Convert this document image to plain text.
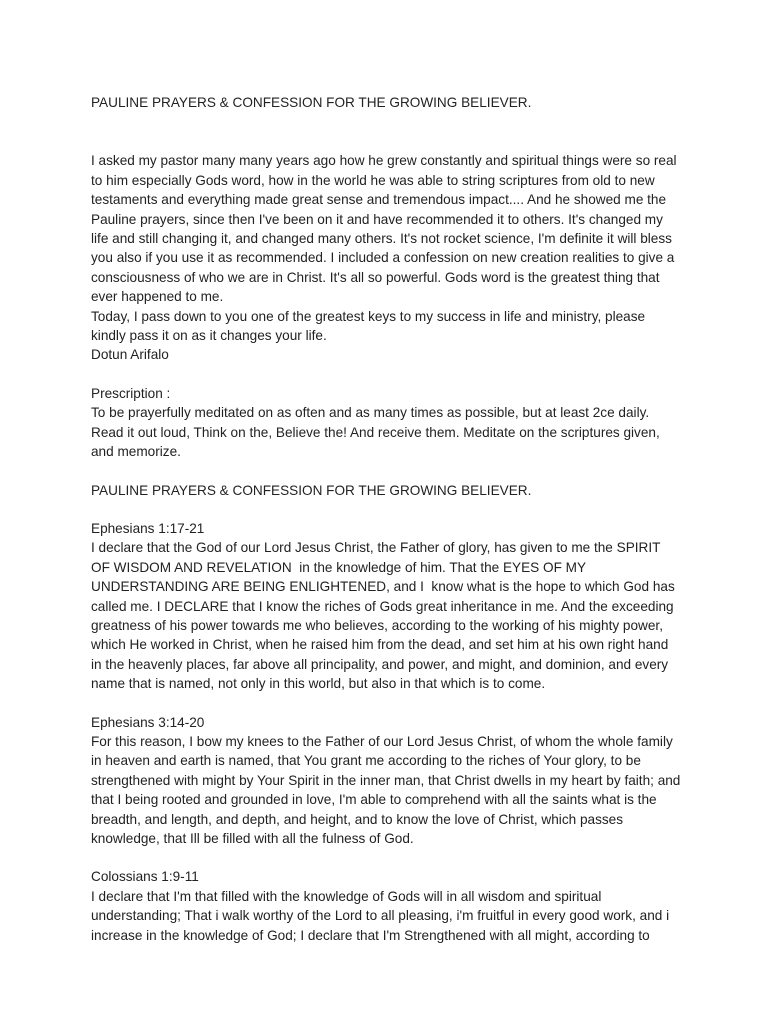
PAULINE PRAYERS & CONFESSION FOR THE GROWING BELIEVER.

I asked my pastor many many years ago how he grew constantly and spiritual things were so real to him especially Gods word, how in the world he was able to string scriptures from old to new testaments and everything made great sense and tremendous impact.... And he showed me the Pauline prayers, since then I've been on it and have recommended it to others. It's changed my life and still changing it, and changed many others. It's not rocket science, I'm definite it will bless you also if you use it as recommended. I included a confession on new creation realities to give a consciousness of who we are in Christ. It's all so powerful. Gods word is the greatest thing that ever happened to me.

Today, I pass down to you one of the greatest keys to my success in life and ministry, please kindly pass it on as it changes your life.

Dotun Arifalo

Prescription :

To be prayerfully meditated on as often and as many times as possible, but at least 2ce daily. Read it out loud, Think on the, Believe the! And receive them. Meditate on the scriptures given, and memorize.

PAULINE PRAYERS & CONFESSION FOR THE GROWING BELIEVER.

Ephesians 1:17-21

I declare that the God of our Lord Jesus Christ, the Father of glory, has given to me the SPIRIT OF WISDOM AND REVELATION  in the knowledge of him. That the EYES OF MY UNDERSTANDING ARE BEING ENLIGHTENED, and I  know what is the hope to which God has called me. I DECLARE that I know the riches of Gods great inheritance in me. And the exceeding greatness of his power towards me who believes, according to the working of his mighty power, which He worked in Christ, when he raised him from the dead, and set him at his own right hand in the heavenly places, far above all principality, and power, and might, and dominion, and every name that is named, not only in this world, but also in that which is to come.

Ephesians 3:14-20

For this reason, I bow my knees to the Father of our Lord Jesus Christ, of whom the whole family in heaven and earth is named, that You grant me according to the riches of Your glory, to be strengthened with might by Your Spirit in the inner man, that Christ dwells in my heart by faith; and that I being rooted and grounded in love, I'm able to comprehend with all the saints what is the breadth, and length, and depth, and height, and to know the love of Christ, which passes knowledge, that Ill be filled with all the fulness of God.

Colossians 1:9-11

I declare that I'm that filled with the knowledge of Gods will in all wisdom and spiritual understanding; That i walk worthy of the Lord to all pleasing, i'm fruitful in every good work, and i increase in the knowledge of God; I declare that I'm Strengthened with all might, according to
